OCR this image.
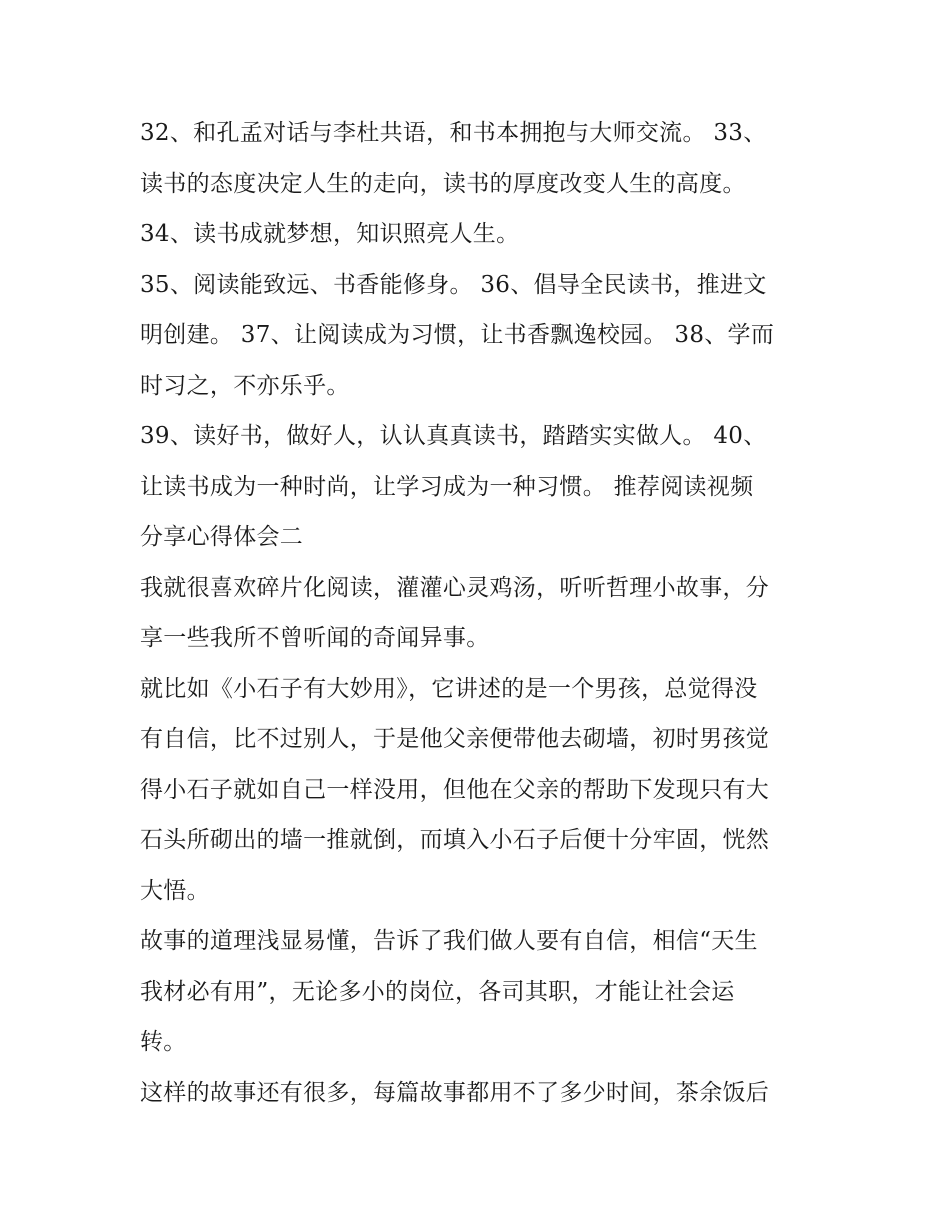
32、和孔孟对话与李杜共语，和书本拥抱与大师交流。 33、
读书的态度决定人生的走向，读书的厚度改变人生的高度。
34、读书成就梦想，知识照亮人生。
35、阅读能致远、书香能修身。 36、倡导全民读书，推进文
明创建。 37、让阅读成为习惯，让书香飘逸校园。 38、学而
时习之，不亦乐乎。
39、读好书，做好人，认认真真读书，踏踏实实做人。 40、
让读书成为一种时尚，让学习成为一种习惯。 推荐阅读视频
分享心得体会二
我就很喜欢碎片化阅读，灌灌心灵鸡汤，听听哲理小故事，分
享一些我所不曾听闻的奇闻异事。
就比如《小石子有大妙用》，它讲述的是一个男孩，总觉得没
有自信，比不过别人，于是他父亲便带他去砌墙，初时男孩觉
得小石子就如自己一样没用，但他在父亲的帮助下发现只有大
石头所砌出的墙一推就倒，而填入小石子后便十分牢固，恍然
大悟。
故事的道理浅显易懂，告诉了我们做人要有自信，相信“天生
我材必有用”，无论多小的岗位，各司其职，才能让社会运
转。
这样的故事还有很多，每篇故事都用不了多少时间，茶余饭后
